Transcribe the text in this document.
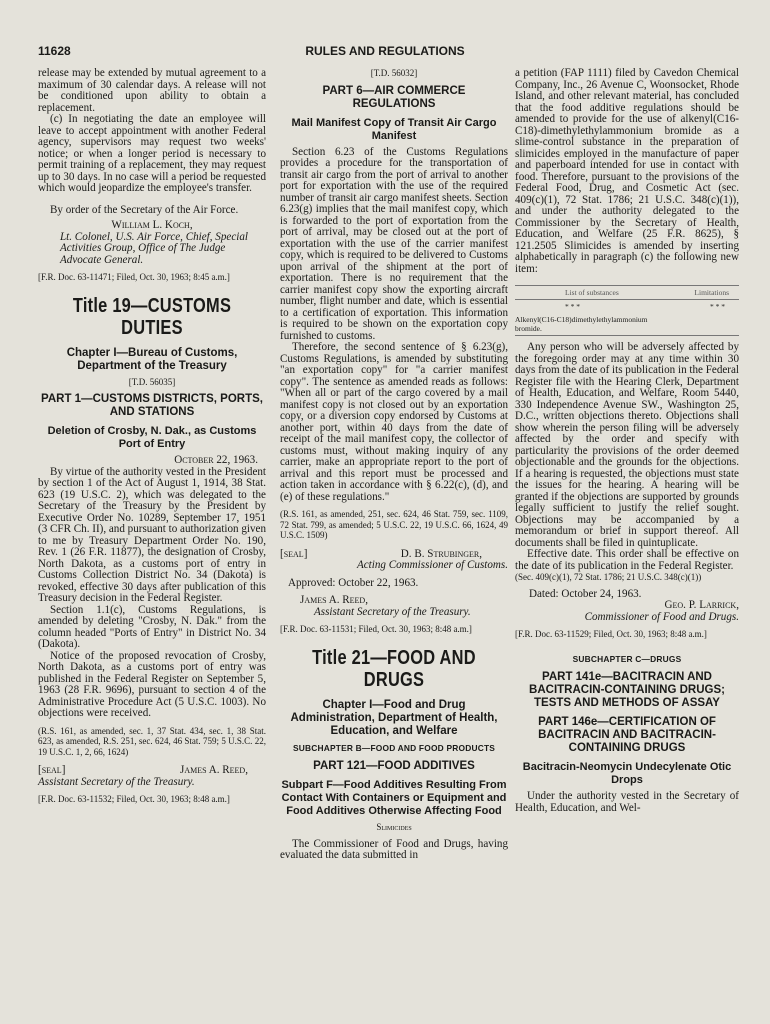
11628	RULES AND REGULATIONS

release may be extended by mutual agreement to a maximum of 30 calendar days. A release will not be conditioned upon ability to obtain a replacement.

(c) In negotiating the date an employee will leave to accept appointment with another Federal agency, supervisors may request two weeks' notice; or when a longer period is necessary to permit training of a replacement, they may request up to 30 days. In no case will a period be requested which would jeopardize the employee's transfer.

By order of the Secretary of the Air Force.

William L. Koch,
Lt. Colonel, U.S. Air Force, Chief, Special Activities Group, Office of The Judge Advocate General.
[F.R. Doc. 63-11471; Filed, Oct. 30, 1963; 8:45 a.m.]
Title 19—CUSTOMS DUTIES
Chapter I—Bureau of Customs, Department of the Treasury
[T.D. 56035]
PART 1—CUSTOMS DISTRICTS, PORTS, AND STATIONS
Deletion of Crosby, N. Dak., as Customs Port of Entry
October 22, 1963.

By virtue of the authority vested in the President by section 1 of the Act of August 1, 1914, 38 Stat. 623 (19 U.S.C. 2), which was delegated to the Secretary of the Treasury by the President by Executive Order No. 10289, September 17, 1951 (3 CFR Ch. II), and pursuant to authorization given to me by Treasury Department Order No. 190, Rev. 1 (26 F.R. 11877), the designation of Crosby, North Dakota, as a customs port of entry in Customs Collection District No. 34 (Dakota) is revoked, effective 30 days after publication of this Treasury decision in the Federal Register.

Section 1.1(c), Customs Regulations, is amended by deleting "Crosby, N. Dak." from the column headed "Ports of Entry" in District No. 34 (Dakota).

Notice of the proposed revocation of Crosby, North Dakota, as a customs port of entry was published in the Federal Register on September 5, 1963 (28 F.R. 9696), pursuant to section 4 of the Administrative Procedure Act (5 U.S.C. 1003). No objections were received.

(R.S. 161, as amended, sec. 1, 37 Stat. 434, sec. 1, 38 Stat. 623, as amended, R.S. 251, sec. 624, 46 Stat. 759; 5 U.S.C. 22, 19 U.S.C. 1, 2, 66, 1624)

[seal]	James A. Reed,
Assistant Secretary of the Treasury.
[F.R. Doc. 63-11532; Filed, Oct. 30, 1963; 8:48 a.m.]
[T.D. 56032]
PART 6—AIR COMMERCE REGULATIONS
Mail Manifest Copy of Transit Air Cargo Manifest

Section 6.23 of the Customs Regulations provides a procedure for the transportation of transit air cargo from the port of arrival to another port for exportation with the use of the required number of transit air cargo manifest sheets. Section 6.23(g) implies that the mail manifest copy, which is forwarded to the port of exportation from the port of arrival, may be closed out at the port of exportation with the use of the carrier manifest copy, which is required to be delivered to Customs upon arrival of the shipment at the port of exportation. There is no requirement that the carrier manifest copy show the exporting aircraft number, flight number and date, which is essential to a certification of exportation. This information is required to be shown on the exportation copy furnished to customs.

Therefore, the second sentence of § 6.23(g), Customs Regulations, is amended by substituting "an exportation copy" for "a carrier manifest copy". The sentence as amended reads as follows: "When all or part of the cargo covered by a mail manifest copy is not closed out by an exportation copy, or a diversion copy endorsed by Customs at another port, within 40 days from the date of receipt of the mail manifest copy, the collector of customs must, without making inquiry of any carrier, make an appropriate report to the port of arrival and this report must be processed and action taken in accordance with § 6.22(c), (d), and (e) of these regulations."

(R.S. 161, as amended, 251, sec. 624, 46 Stat. 759, sec. 1109, 72 Stat. 799, as amended; 5 U.S.C. 22, 19 U.S.C. 66, 1624, 49 U.S.C. 1509)

[seal]	D. B. Strubinger,
Acting Commissioner of Customs.
Approved: October 22, 1963.
James A. Reed,
Assistant Secretary of the Treasury.
[F.R. Doc. 63-11531; Filed, Oct. 30, 1963; 8:48 a.m.]
Title 21—FOOD AND DRUGS
Chapter I—Food and Drug Administration, Department of Health, Education, and Welfare
SUBCHAPTER B—FOOD AND FOOD PRODUCTS
PART 121—FOOD ADDITIVES
Subpart F—Food Additives Resulting From Contact With Containers or Equipment and Food Additives Otherwise Affecting Food
Slimicides

The Commissioner of Food and Drugs, having evaluated the data submitted in

a petition (FAP 1111) filed by Cavedon Chemical Company, Inc., 26 Avenue C, Woonsocket, Rhode Island, and other relevant material, has concluded that the food additive regulations should be amended to provide for the use of alkenyl(C16-C18)-dimethylethylammonium bromide as a slime-control substance in the preparation of slimicides employed in the manufacture of paper and paperboard intended for use in contact with food. Therefore, pursuant to the provisions of the Federal Food, Drug, and Cosmetic Act (sec. 409(c)(1), 72 Stat. 1786; 21 U.S.C. 348(c)(1)), and under the authority delegated to the Commissioner by the Secretary of Health, Education, and Welfare (25 F.R. 8625), § 121.2505 Slimicides is amended by inserting alphabetically in paragraph (c) the following new item:

List of substances	Limitations
* * *	* * *
Alkenyl(C16-C18)dimethylethylammonium bromide.

Any person who will be adversely affected by the foregoing order may at any time within 30 days from the date of its publication in the Federal Register file with the Hearing Clerk, Department of Health, Education, and Welfare, Room 5440, 330 Independence Avenue SW., Washington 25, D.C., written objections thereto. Objections shall show wherein the person filing will be adversely affected by the order and specify with particularity the provisions of the order deemed objectionable and the grounds for the objections. If a hearing is requested, the objections must state the issues for the hearing. A hearing will be granted if the objections are supported by grounds legally sufficient to justify the relief sought. Objections may be accompanied by a memorandum or brief in support thereof. All documents shall be filed in quintuplicate.

Effective date. This order shall be effective on the date of its publication in the Federal Register.

(Sec. 409(c)(1), 72 Stat. 1786; 21 U.S.C. 348(c)(1))

Dated: October 24, 1963.
Geo. P. Larrick,
Commissioner of Food and Drugs.
[F.R. Doc. 63-11529; Filed, Oct. 30, 1963; 8:48 a.m.]
SUBCHAPTER C—DRUGS
PART 141e—BACITRACIN AND BACITRACIN-CONTAINING DRUGS; TESTS AND METHODS OF ASSAY
PART 146e—CERTIFICATION OF BACITRACIN AND BACITRACIN-CONTAINING DRUGS
Bacitracin-Neomycin Undecylenate Otic Drops

Under the authority vested in the Secretary of Health, Education, and Wel-
